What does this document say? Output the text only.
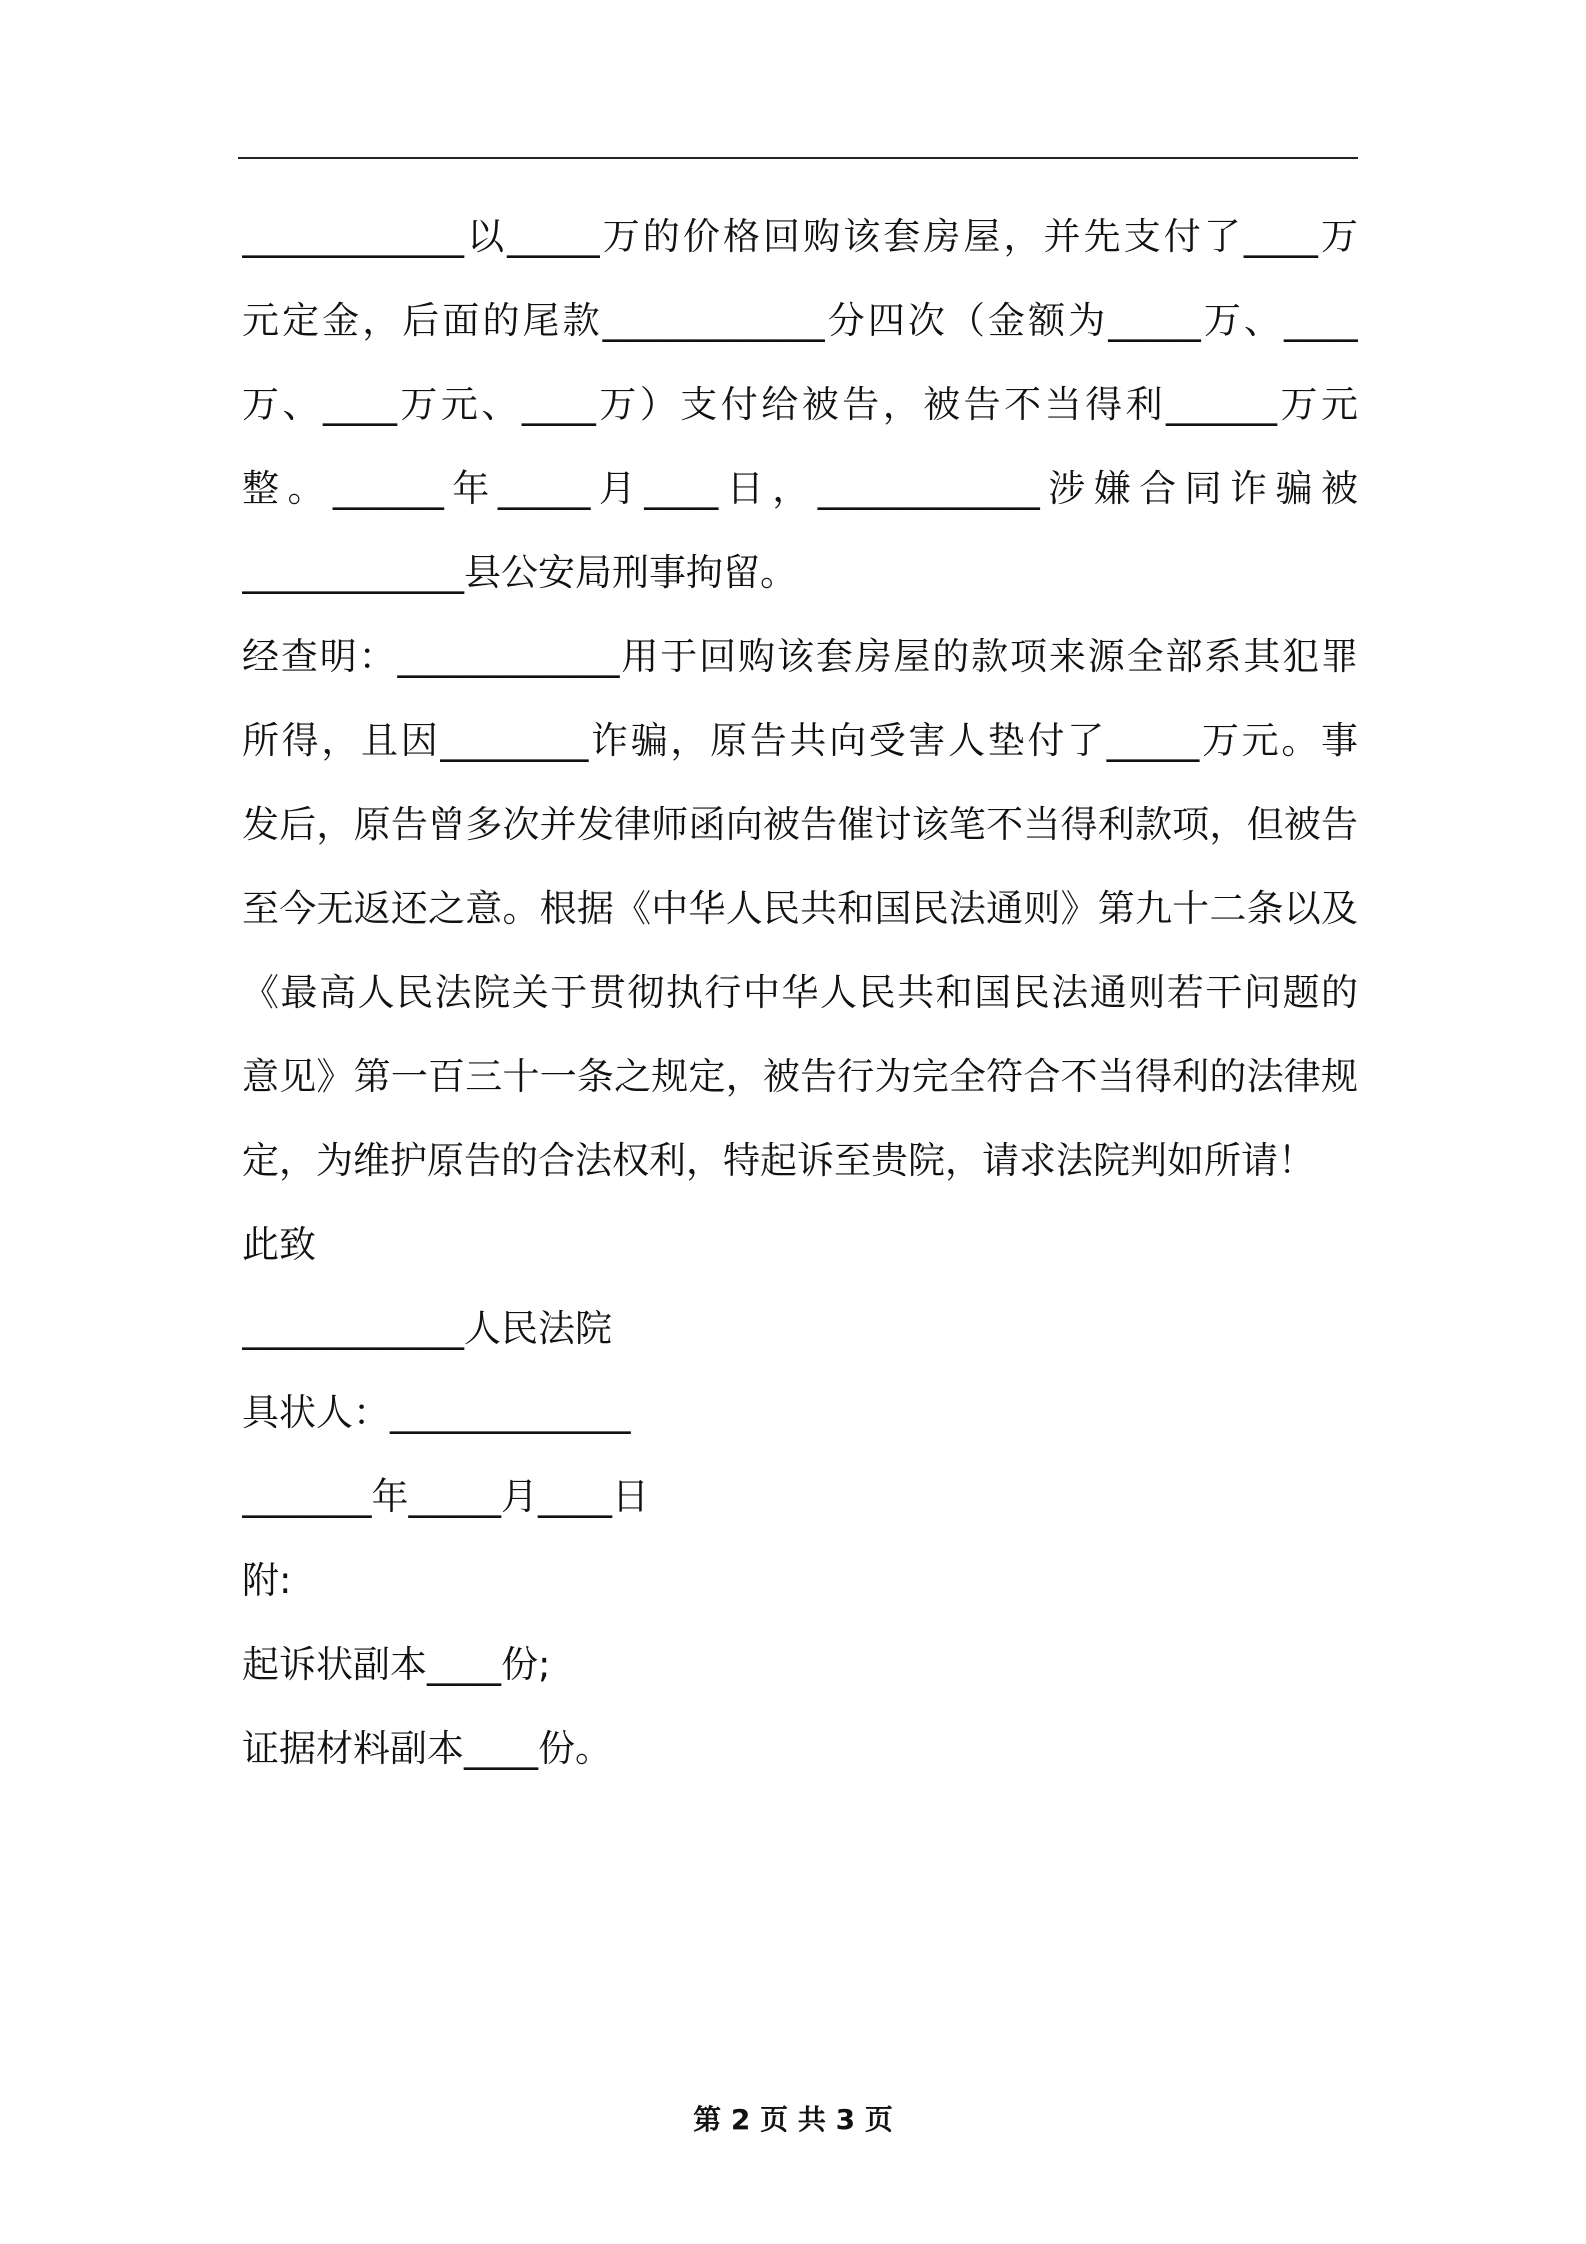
____________以_____万的价格回购该套房屋，并先支付了____万
元定金，后面的尾款____________分四次（金额为_____万、____
万、____万元、____万）支付给被告，被告不当得利______万元
整。______年_____月____日，____________涉嫌合同诈骗被
____________县公安局刑事拘留。
经查明：____________用于回购该套房屋的款项来源全部系其犯罪
所得，且因________诈骗，原告共向受害人垫付了_____万元。事
发后，原告曾多次并发律师函向被告催讨该笔不当得利款项，但被告
至今无返还之意。根据《中华人民共和国民法通则》第九十二条以及
《最高人民法院关于贯彻执行中华人民共和国民法通则若干问题的
意见》第一百三十一条之规定，被告行为完全符合不当得利的法律规
定，为维护原告的合法权利，特起诉至贵院，请求法院判如所请！
此致
____________人民法院
具状人：_____________
_______年_____月____日
附:
起诉状副本____份;
证据材料副本____份。
第 2 页 共 3 页
